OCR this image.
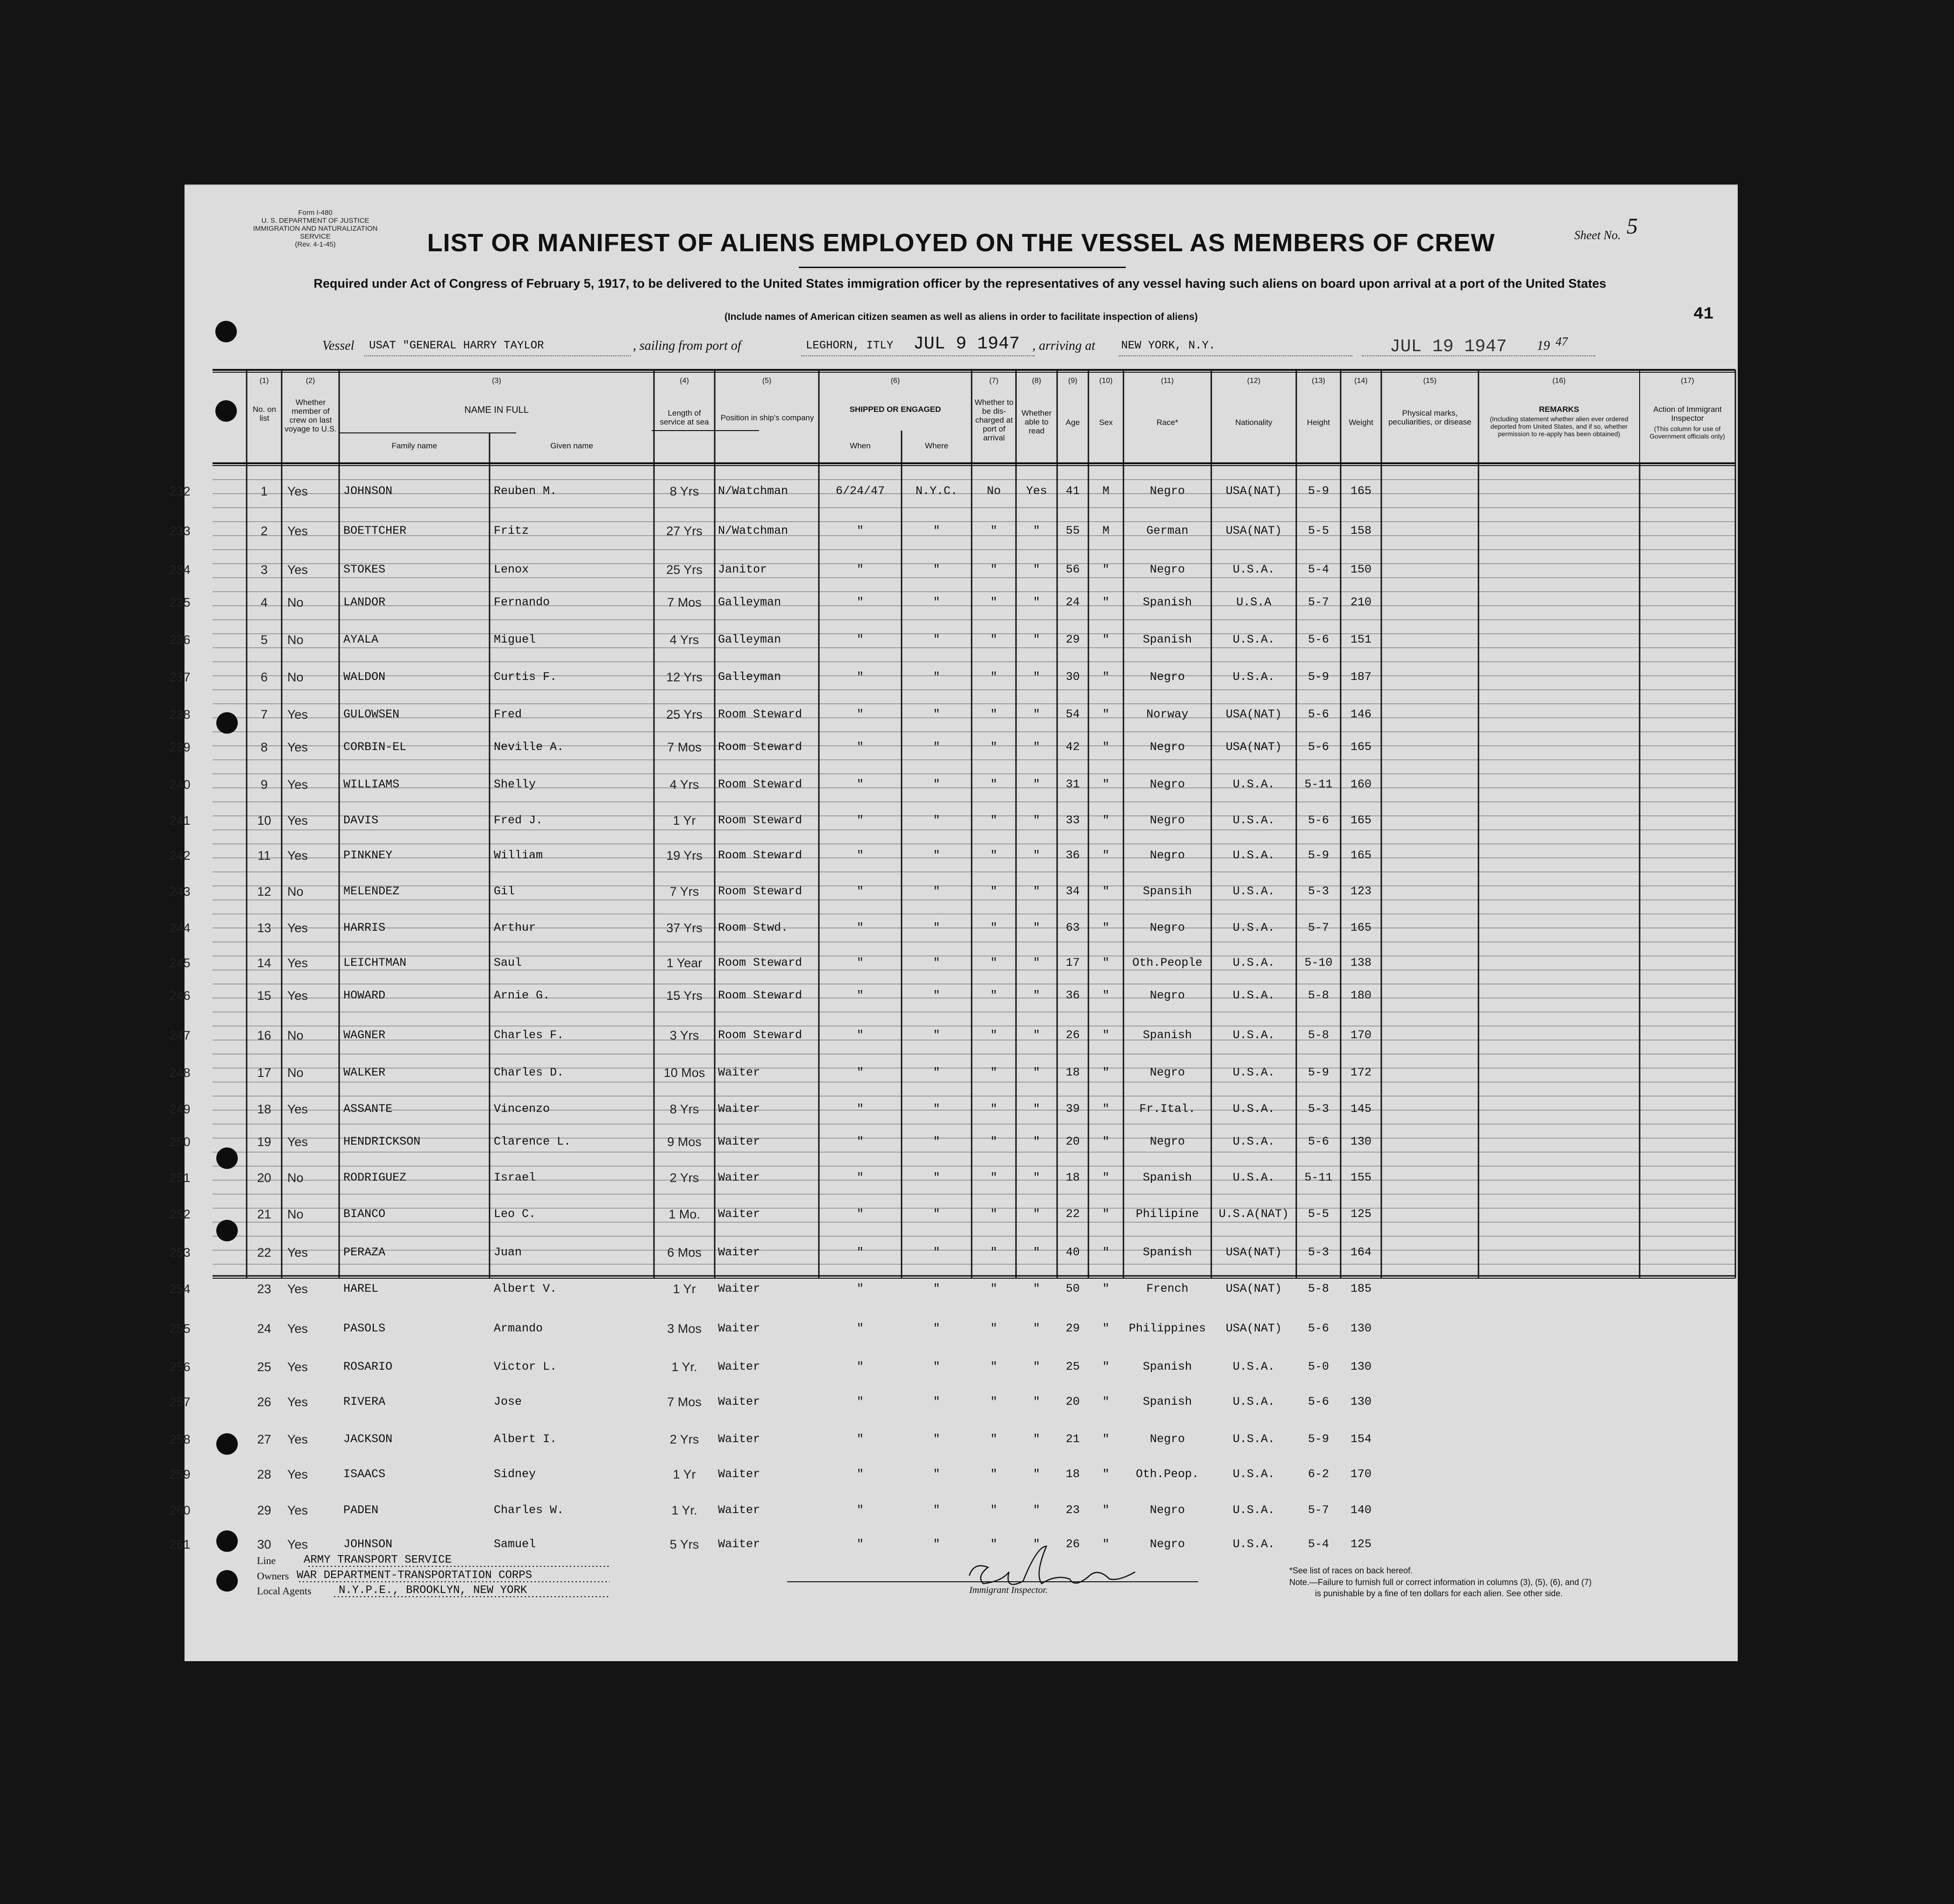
Form I-480
U. S. DEPARTMENT OF JUSTICE
IMMIGRATION AND NATURALIZATION SERVICE
(Rev. 4-1-45)
Sheet No. 5
41
LIST OR MANIFEST OF ALIENS EMPLOYED ON THE VESSEL AS MEMBERS OF CREW
Required under Act of Congress of February 5, 1917, to be delivered to the United States immigration officer by the representatives of any vessel having such aliens on board upon arrival at a port of the United States
(Include names of American citizen seamen as well as aliens in order to facilitate inspection of aliens)
Vessel USAT "GENERAL HARRY TAYLOR	, sailing from port of	LEGHORN, ITLY JUL 9 1947 , arriving at NEW YORK, N.Y.	JUL 19 1947 19 47
(1)	(2)	(3)	(4)	(5)	(6)	(7)	(8)	(9)	(10)	(11)	(12)	(13)	(14)	(15)	(16)	(17)
No. on list
Whether member of crew on last voyage to U.S.
NAME IN FULL
Family name	Given name
Length of service at sea	Position in ship's company
SHIPPED OR ENGAGED
When	Where
Whether to be dis-charged at port of arrival
Whether able to read
Age	Sex	Race*	Nationality	Height	Weight
Physical marks, peculiarities, or disease
REMARKS
(Including statement whether alien ever ordered deported from United States, and if so, whether permission to re-apply has been obtained)
Action of Immigrant Inspector
(This column for use of Government officials only)
232	1	Yes	JOHNSON	Reuben M.	8 Yrs	N/Watchman	6/24/47	N.Y.C.	No	Yes	41	M	Negro	USA(NAT)	5-9	165
233	2	Yes	BOETTCHER	Fritz	27 Yrs	N/Watchman	"	"	"	"	55	M	German	USA(NAT)	5-5	158
234	3	Yes	STOKES	Lenox	25 Yrs	Janitor	"	"	"	"	56	"	Negro	U.S.A.	5-4	150
235	4	No	LANDOR	Fernando	7 Mos	Galleyman	"	"	"	"	24	"	Spanish	U.S.A	5-7	210
236	5	No	AYALA	Miguel	4 Yrs	Galleyman	"	"	"	"	29	"	Spanish	U.S.A.	5-6	151
237	6	No	WALDON	Curtis F.	12 Yrs	Galleyman	"	"	"	"	30	"	Negro	U.S.A.	5-9	187
238	7	Yes	GULOWSEN	Fred	25 Yrs	Room Steward	"	"	"	"	54	"	Norway	USA(NAT)	5-6	146
239	8	Yes	CORBIN-EL	Neville A.	7 Mos	Room Steward	"	"	"	"	42	"	Negro	USA(NAT)	5-6	165
240	9	Yes	WILLIAMS	Shelly	4 Yrs	Room Steward	"	"	"	"	31	"	Negro	U.S.A.	5-11	160
241	10	Yes	DAVIS	Fred J.	1 Yr	Room Steward	"	"	"	"	33	"	Negro	U.S.A.	5-6	165
242	11	Yes	PINKNEY	William	19 Yrs	Room Steward	"	"	"	"	36	"	Negro	U.S.A.	5-9	165
243	12	No	MELENDEZ	Gil	7 Yrs	Room Steward	"	"	"	"	34	"	Spansih	U.S.A.	5-3	123
244	13	Yes	HARRIS	Arthur	37 Yrs	Room Stwd.	"	"	"	"	63	"	Negro	U.S.A.	5-7	165
245	14	Yes	LEICHTMAN	Saul	1 Year	Room Steward	"	"	"	"	17	"	Oth.People	U.S.A.	5-10	138
246	15	Yes	HOWARD	Arnie G.	15 Yrs	Room Steward	"	"	"	"	36	"	Negro	U.S.A.	5-8	180
247	16	No	WAGNER	Charles F.	3 Yrs	Room Steward	"	"	"	"	26	"	Spanish	U.S.A.	5-8	170
248	17	No	WALKER	Charles D.	10 Mos	Waiter	"	"	"	"	18	"	Negro	U.S.A.	5-9	172
249	18	Yes	ASSANTE	Vincenzo	8 Yrs	Waiter	"	"	"	"	39	"	Fr.Ital.	U.S.A.	5-3	145
250	19	Yes	HENDRICKSON	Clarence L.	9 Mos	Waiter	"	"	"	"	20	"	Negro	U.S.A.	5-6	130
251	20	No	RODRIGUEZ	Israel	2 Yrs	Waiter	"	"	"	"	18	"	Spanish	U.S.A.	5-11	155
252	21	No	BIANCO	Leo C.	1 Mo.	Waiter	"	"	"	"	22	"	Philipine	U.S.A(NAT)	5-5	125
253	22	Yes	PERAZA	Juan	6 Mos	Waiter	"	"	"	"	40	"	Spanish	USA(NAT)	5-3	164
254	23	Yes	HAREL	Albert V.	1 Yr	Waiter	"	"	"	"	50	"	French	USA(NAT)	5-8	185
255	24	Yes	PASOLS	Armando	3 Mos	Waiter	"	"	"	"	29	"	Philippines	USA(NAT)	5-6	130
256	25	Yes	ROSARIO	Victor L.	1 Yr.	Waiter	"	"	"	"	25	"	Spanish	U.S.A.	5-0	130
257	26	Yes	RIVERA	Jose	7 Mos	Waiter	"	"	"	"	20	"	Spanish	U.S.A.	5-6	130
258	27	Yes	JACKSON	Albert I.	2 Yrs	Waiter	"	"	"	"	21	"	Negro	U.S.A.	5-9	154
259	28	Yes	ISAACS	Sidney	1 Yr	Waiter	"	"	"	"	18	"	Oth.Peop.	U.S.A.	6-2	170
260	29	Yes	PADEN	Charles W.	1 Yr.	Waiter	"	"	"	"	23	"	Negro	U.S.A.	5-7	140
261	30	Yes	JOHNSON	Samuel	5 Yrs	Waiter	"	"	"	"	26	"	Negro	U.S.A.	5-4	125
Line ARMY TRANSPORT SERVICE
Owners WAR DEPARTMENT-TRANSPORTATION CORPS
Local Agents N.Y.P.E., BROOKLYN, NEW YORK	Immigrant Inspector.
*See list of races on back hereof.
Note.—Failure to furnish full or correct information in columns (3), (5), (6), and (7)
is punishable by a fine of ten dollars for each alien. See other side.
